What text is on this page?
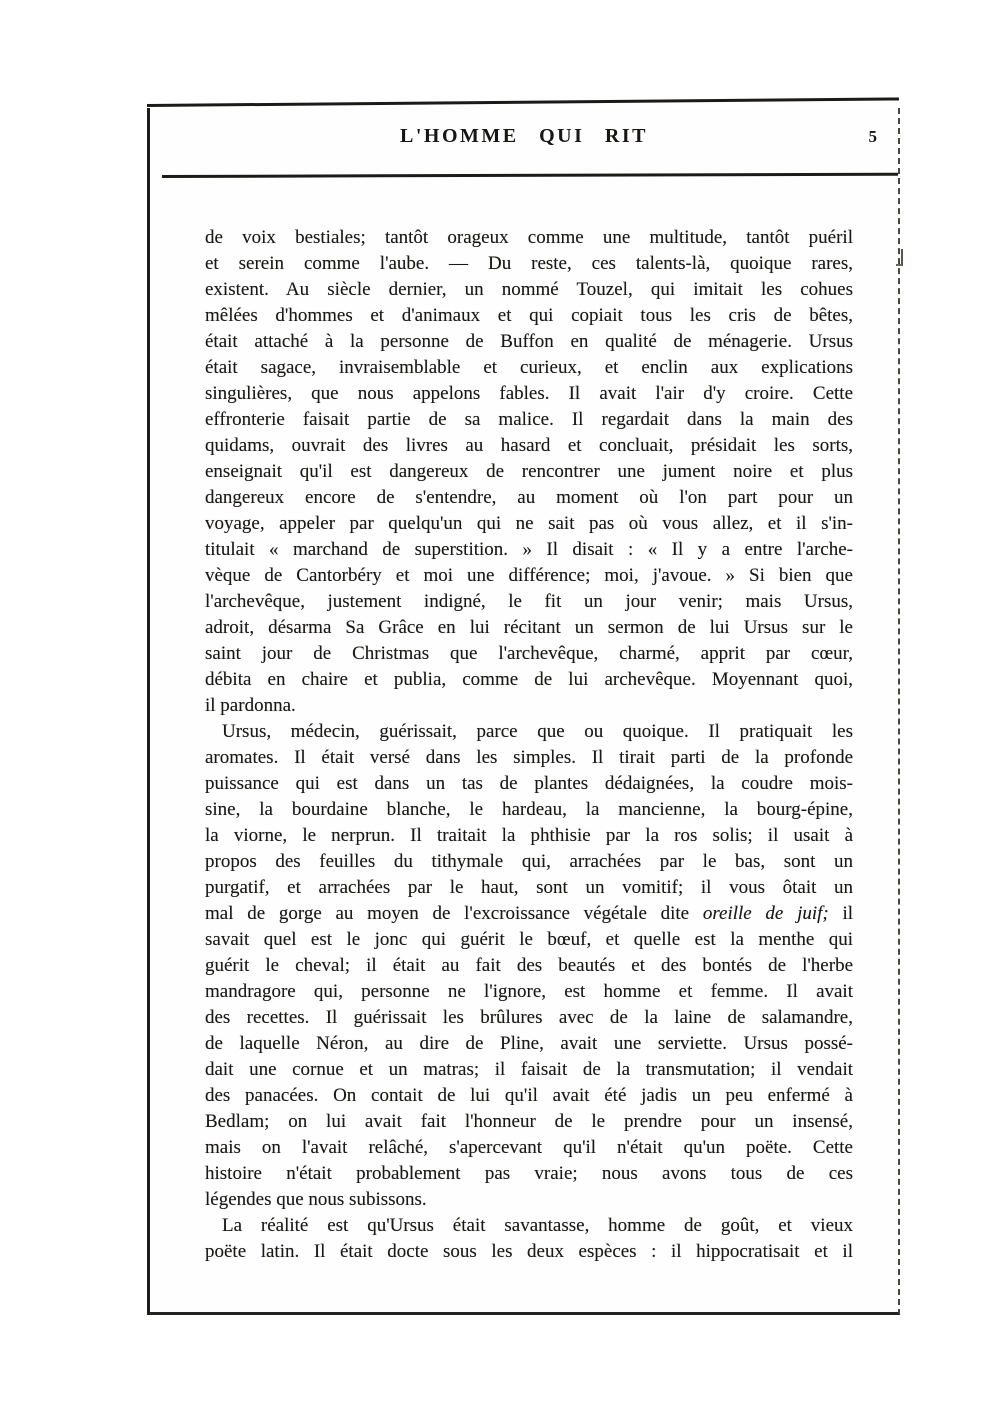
L'HOMME QUI RIT	5
de voix bestiales; tantôt orageux comme une multitude, tantôt puéril
et serein comme l'aube. — Du reste, ces talents-là, quoique rares,
existent. Au siècle dernier, un nommé Touzel, qui imitait les cohues
mêlées d'hommes et d'animaux et qui copiait tous les cris de bêtes,
était attaché à la personne de Buffon en qualité de ménagerie. Ursus
était sagace, invraisemblable et curieux, et enclin aux explications
singulières, que nous appelons fables. Il avait l'air d'y croire. Cette
effronterie faisait partie de sa malice. Il regardait dans la main des
quidams, ouvrait des livres au hasard et concluait, présidait les sorts,
enseignait qu'il est dangereux de rencontrer une jument noire et plus
dangereux encore de s'entendre, au moment où l'on part pour un
voyage, appeler par quelqu'un qui ne sait pas où vous allez, et il s'in-
titulait « marchand de superstition. » Il disait : « Il y a entre l'arche-
vèque de Cantorbéry et moi une différence; moi, j'avoue. » Si bien que
l'archevêque, justement indigné, le fit un jour venir; mais Ursus,
adroit, désarma Sa Grâce en lui récitant un sermon de lui Ursus sur le
saint jour de Christmas que l'archevêque, charmé, apprit par cœur,
débita en chaire et publia, comme de lui archevêque. Moyennant quoi,
il pardonna.
Ursus, médecin, guérissait, parce que ou quoique. Il pratiquait les
aromates. Il était versé dans les simples. Il tirait parti de la profonde
puissance qui est dans un tas de plantes dédaignées, la coudre mois-
sine, la bourdaine blanche, le hardeau, la mancienne, la bourg-épine,
la viorne, le nerprun. Il traitait la phthisie par la ros solis; il usait à
propos des feuilles du tithymale qui, arrachées par le bas, sont un
purgatif, et arrachées par le haut, sont un vomitif; il vous ôtait un
mal de gorge au moyen de l'excroissance végétale dite oreille de juif; il
savait quel est le jonc qui guérit le bœuf, et quelle est la menthe qui
guérit le cheval; il était au fait des beautés et des bontés de l'herbe
mandragore qui, personne ne l'ignore, est homme et femme. Il avait
des recettes. Il guérissait les brûlures avec de la laine de salamandre,
de laquelle Néron, au dire de Pline, avait une serviette. Ursus possé-
dait une cornue et un matras; il faisait de la transmutation; il vendait
des panacées. On contait de lui qu'il avait été jadis un peu enfermé à
Bedlam; on lui avait fait l'honneur de le prendre pour un insensé,
mais on l'avait relâché, s'apercevant qu'il n'était qu'un poëte. Cette
histoire n'était probablement pas vraie; nous avons tous de ces
légendes que nous subissons.
La réalité est qu'Ursus était savantasse, homme de goût, et vieux
poëte latin. Il était docte sous les deux espèces : il hippocratisait et il
